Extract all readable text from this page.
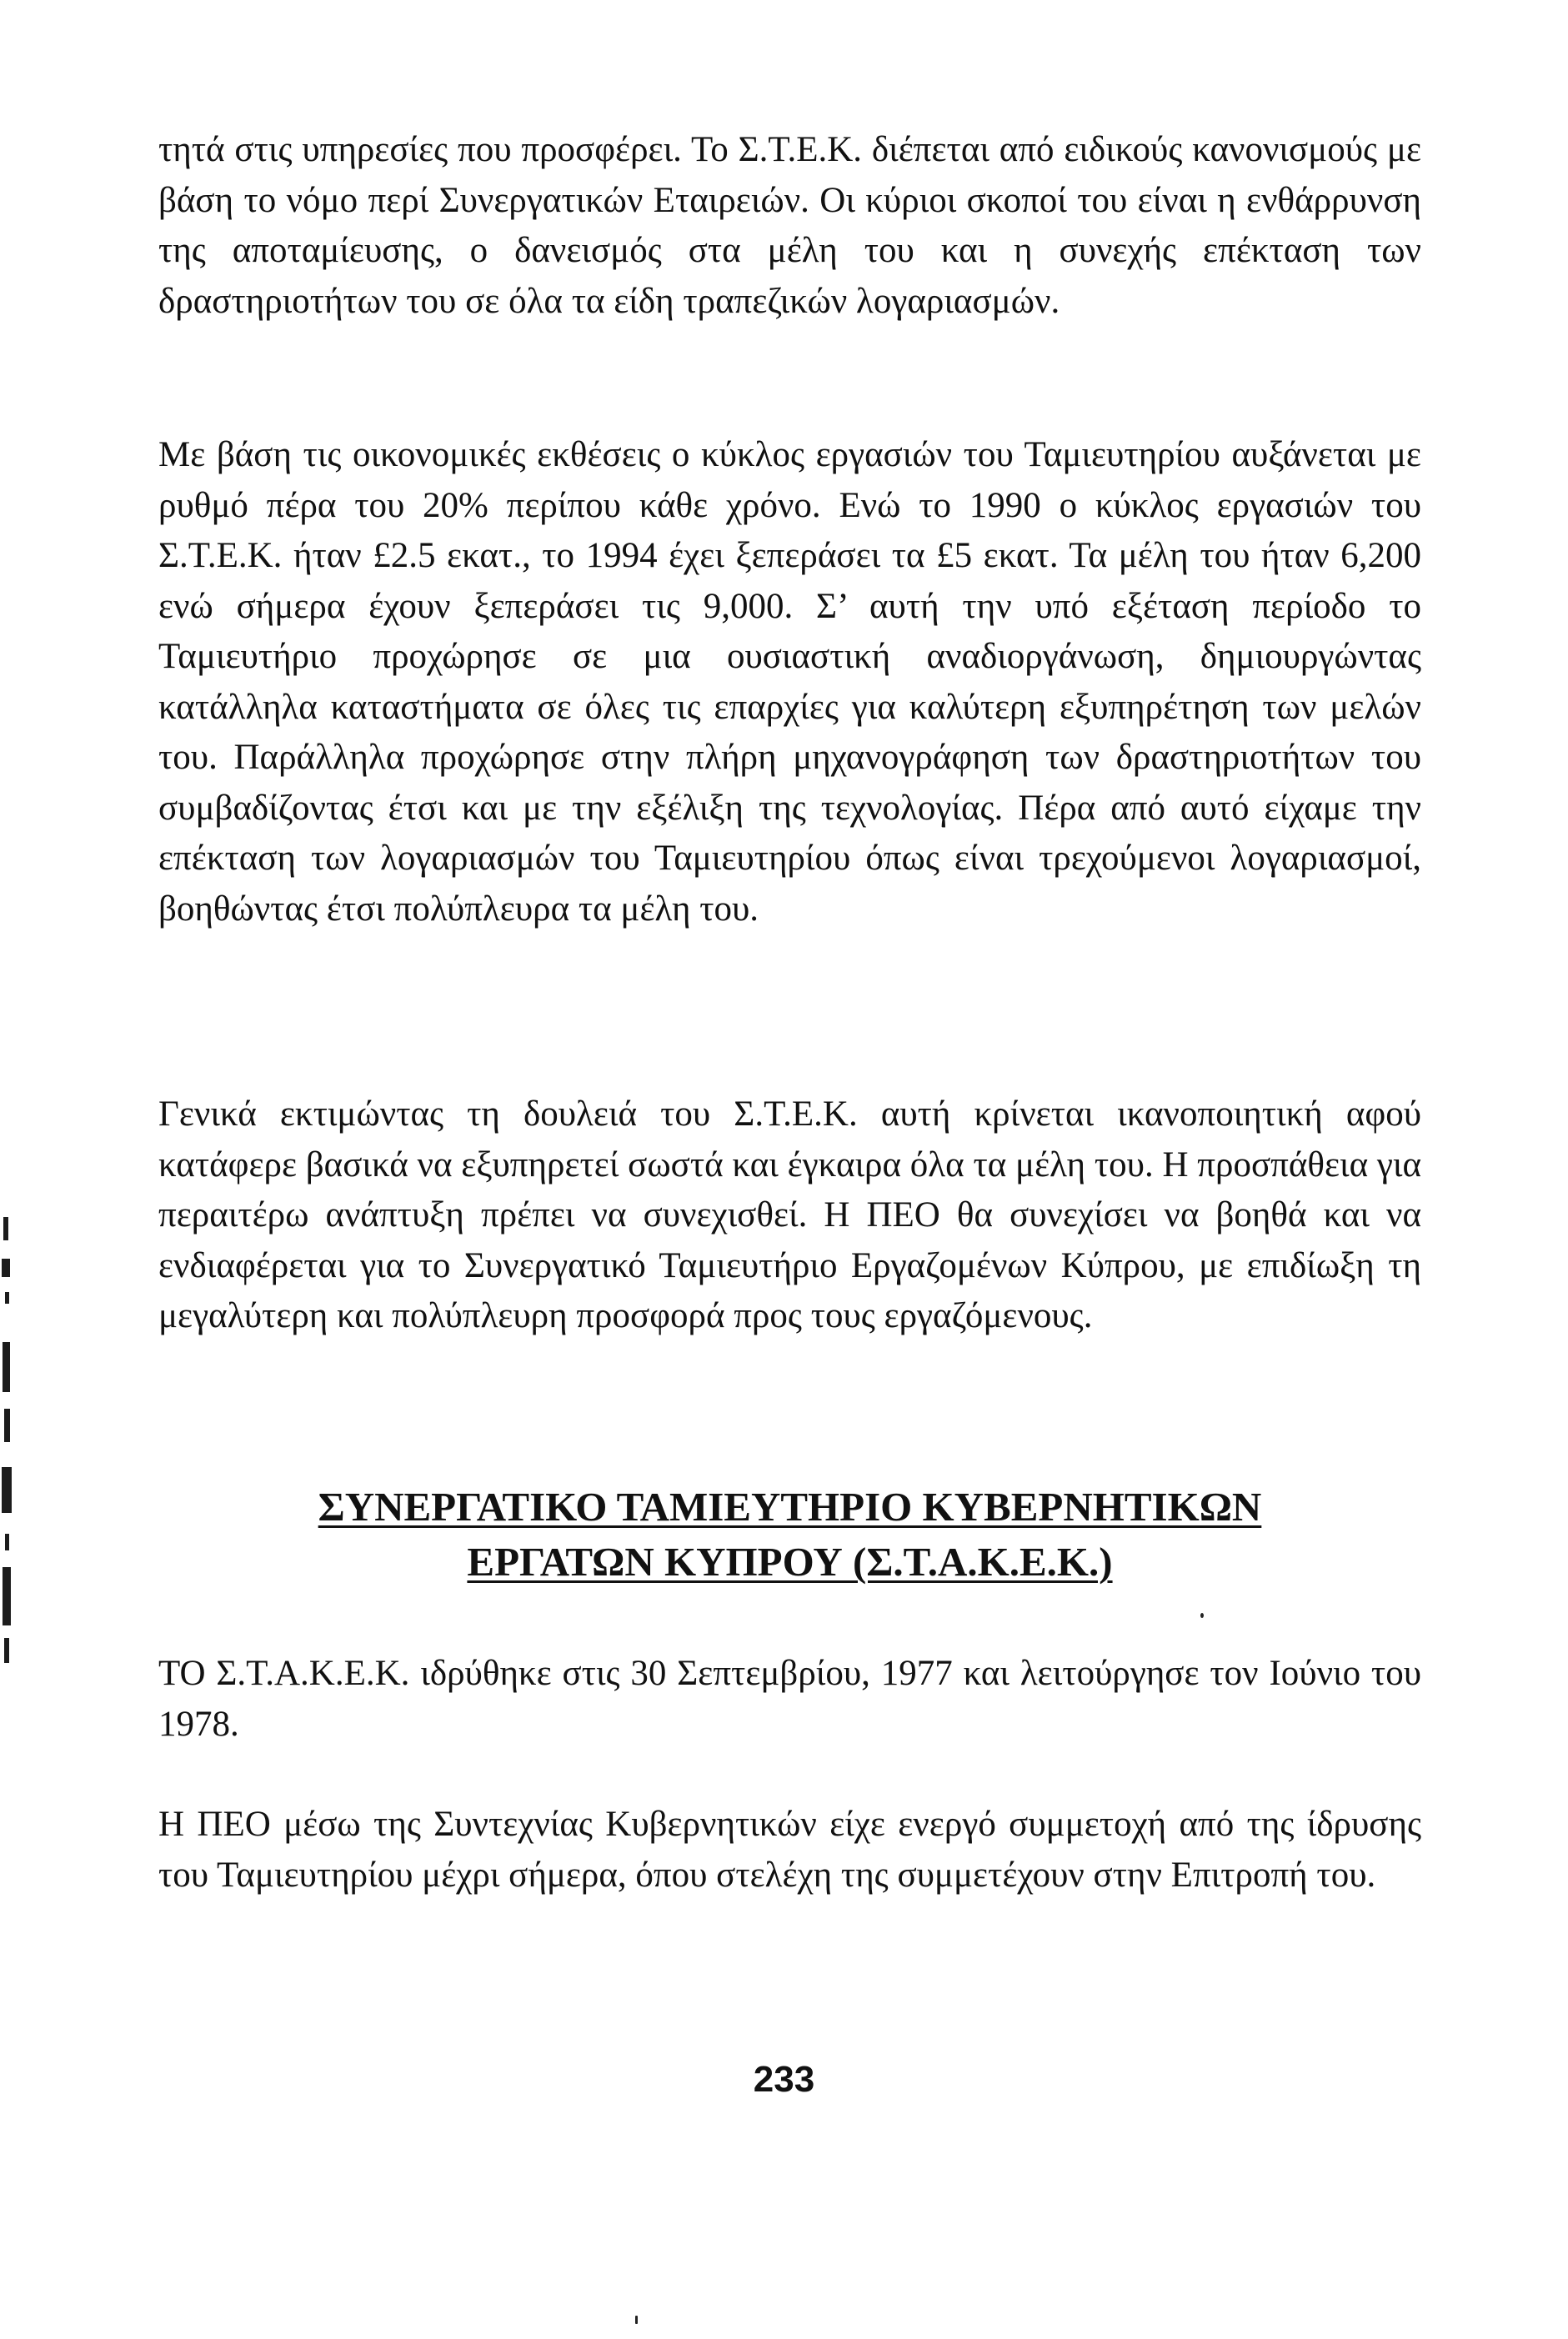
τητά στις υπηρεσίες που προσφέρει. Το Σ.Τ.Ε.Κ. διέπεται από ειδικούς κανονισμούς με βάση το νόμο περί Συνεργατικών Εταιρειών. Οι κύριοι σκοποί του είναι η ενθάρρυνση της αποταμίευσης, ο δανεισμός στα μέλη του και η συνεχής επέκταση των δραστηριοτήτων του σε όλα τα είδη τραπεζικών λογαριασμών.

Με βάση τις οικονομικές εκθέσεις ο κύκλος εργασιών του Ταμιευτηρίου αυξάνεται με ρυθμό πέρα του 20% περίπου κάθε χρόνο. Ενώ το 1990 ο κύκλος εργασιών του Σ.Τ.Ε.Κ. ήταν £2.5 εκατ., το 1994 έχει ξεπεράσει τα £5 εκατ. Τα μέλη του ήταν 6,200 ενώ σήμερα έχουν ξεπεράσει τις 9,000. Σ’ αυτή την υπό εξέταση περίοδο το Ταμιευτήριο προχώρησε σε μια ουσιαστική αναδιοργάνωση, δημιουργώντας κατάλληλα καταστήματα σε όλες τις επαρχίες για καλύτερη εξυπηρέτηση των μελών του. Παράλληλα προχώρησε στην πλήρη μηχανογράφηση των δραστηριοτήτων του συμβαδίζοντας έτσι και με την εξέλιξη της τεχνολογίας. Πέρα από αυτό είχαμε την επέκταση των λογαριασμών του Ταμιευτηρίου όπως είναι τρεχούμενοι λογαριασμοί, βοηθώντας έτσι πολύπλευρα τα μέλη του.

Γενικά εκτιμώντας τη δουλειά του Σ.Τ.Ε.Κ. αυτή κρίνεται ικανοποιητική αφού κατάφερε βασικά να εξυπηρετεί σωστά και έγκαιρα όλα τα μέλη του. Η προσπάθεια για περαιτέρω ανάπτυξη πρέπει να συνεχισθεί. Η ΠΕΟ θα συνεχίσει να βοηθά και να ενδιαφέρεται για το Συνεργατικό Ταμιευτήριο Εργαζομένων Κύπρου, με επιδίωξη τη μεγαλύτερη και πολύπλευρη προσφορά προς τους εργαζόμενους.

ΣΥΝΕΡΓΑΤΙΚΟ ΤΑΜΙΕΥΤΗΡΙΟ ΚΥΒΕΡΝΗΤΙΚΩΝ
ΕΡΓΑΤΩΝ ΚΥΠΡΟΥ (Σ.Τ.Α.Κ.Ε.Κ.)

ΤΟ Σ.Τ.Α.Κ.Ε.Κ. ιδρύθηκε στις 30 Σεπτεμβρίου, 1977 και λειτούργησε τον Ιούνιο του 1978.

Η ΠΕΟ μέσω της Συντεχνίας Κυβερνητικών είχε ενεργό συμμετοχή από της ίδρυσης του Ταμιευτηρίου μέχρι σήμερα, όπου στελέχη της συμμετέχουν στην Επιτροπή του.

233
